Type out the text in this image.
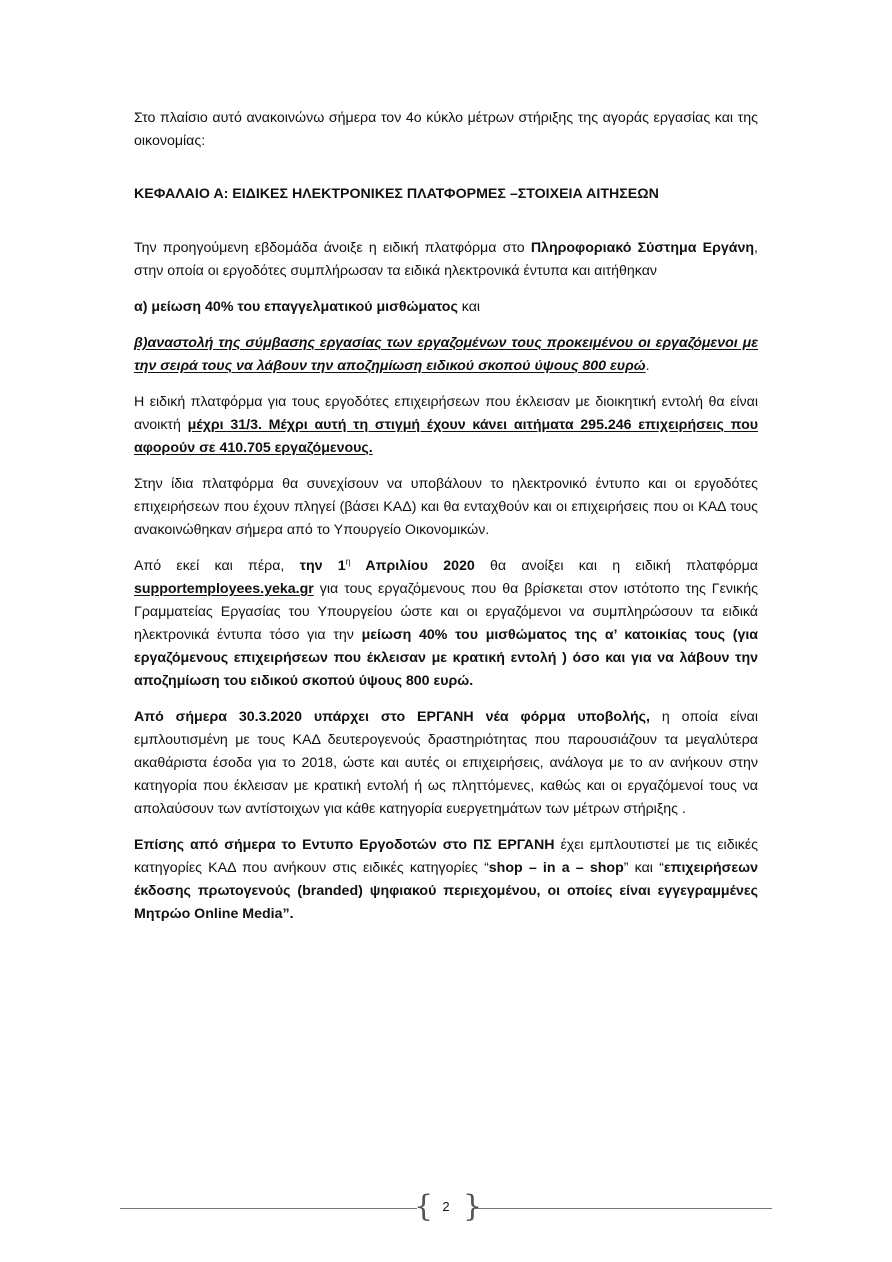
Στο πλαίσιο αυτό ανακοινώνω σήμερα τον 4ο κύκλο μέτρων στήριξης της αγοράς εργασίας και της οικονομίας:

ΚΕΦΑΛΑΙΟ Α: ΕΙΔΙΚΕΣ ΗΛΕΚΤΡΟΝΙΚΕΣ ΠΛΑΤΦΟΡΜΕΣ –ΣΤΟΙΧΕΙΑ ΑΙΤΗΣΕΩΝ

Την προηγούμενη εβδομάδα άνοιξε η ειδική πλατφόρμα στο Πληροφοριακό Σύστημα Εργάνη, στην οποία οι εργοδότες συμπλήρωσαν τα ειδικά ηλεκτρονικά έντυπα και αιτήθηκαν

α) μείωση 40% του επαγγελματικού μισθώματος και

β)αναστολή της σύμβασης εργασίας των εργαζομένων τους προκειμένου οι εργαζόμενοι με την σειρά τους να λάβουν την αποζημίωση ειδικού σκοπού ύψους 800 ευρώ.

Η ειδική πλατφόρμα για τους εργοδότες επιχειρήσεων που έκλεισαν με διοικητική εντολή θα είναι ανοικτή μέχρι 31/3. Μέχρι αυτή τη στιγμή έχουν κάνει αιτήματα 295.246 επιχειρήσεις που αφορούν σε 410.705 εργαζόμενους.

Στην ίδια πλατφόρμα θα συνεχίσουν να υποβάλουν το ηλεκτρονικό έντυπο και οι εργοδότες επιχειρήσεων που έχουν πληγεί (βάσει ΚΑΔ) και θα ενταχθούν και οι επιχειρήσεις που οι ΚΑΔ τους ανακοινώθηκαν σήμερα από το Υπουργείο Οικονομικών.

Από εκεί και πέρα, την $1^\eta$ Απριλίου 2020 θα ανοίξει και η ειδική πλατφόρμα supportemployees.yeka.gr για τους εργαζόμενους που θα βρίσκεται στον ιστότοπο της Γενικής Γραμματείας Εργασίας του Υπουργείου ώστε και οι εργαζόμενοι να συμπληρώσουν τα ειδικά ηλεκτρονικά έντυπα τόσο για την μείωση 40% του μισθώματος της α’ κατοικίας τους (για εργαζόμενους επιχειρήσεων που έκλεισαν με κρατική εντολή ) όσο και για να λάβουν την αποζημίωση του ειδικού σκοπού ύψους 800 ευρώ.

Από σήμερα 30.3.2020 υπάρχει στο ΕΡΓΑΝΗ νέα φόρμα υποβολής, η οποία είναι εμπλουτισμένη με τους ΚΑΔ δευτερογενούς δραστηριότητας που παρουσιάζουν τα μεγαλύτερα ακαθάριστα έσοδα για το 2018, ώστε και αυτές οι επιχειρήσεις, ανάλογα με το αν ανήκουν στην κατηγορία που έκλεισαν με κρατική εντολή ή ως πληττόμενες, καθώς και οι εργαζόμενοί τους να απολαύσουν των αντίστοιχων για κάθε κατηγορία ευεργετημάτων των μέτρων στήριξης .

Επίσης από σήμερα το Εντυπο Εργοδοτών στο ΠΣ ΕΡΓΑΝΗ έχει εμπλουτιστεί με τις ειδικές κατηγορίες ΚΑΔ που ανήκουν στις ειδικές κατηγορίες “shop – in a – shop” και “επιχειρήσεων έκδοσης πρωτογενούς (branded) ψηφιακού περιεχομένου, οι οποίες είναι εγγεγραμμένες Μητρώο Online Media”.

{ 2 }
